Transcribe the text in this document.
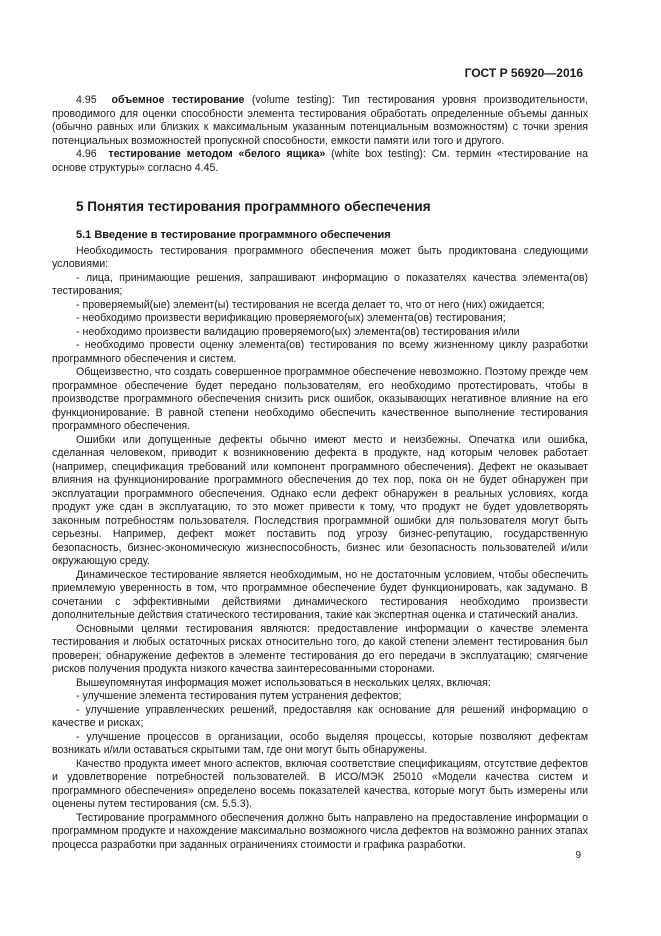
ГОСТ Р 56920—2016

4.95 объемное тестирование (volume testing): Тип тестирования уровня производительности, проводимого для оценки способности элемента тестирования обработать определенные объемы данных (обычно равных или близких к максимальным указанным потенциальным возможностям) с точки зрения потенциальных возможностей пропускной способности, емкости памяти или того и другого.

4.96 тестирование методом «белого ящика» (white box testing): См. термин «тестирование на основе структуры» согласно 4.45.

5 Понятия тестирования программного обеспечения
5.1 Введение в тестирование программного обеспечения

Необходимость тестирования программного обеспечения может быть продиктована следующими условиями:

- лица, принимающие решения, запрашивают информацию о показателях качества элемента(ов) тестирования;

- проверяемый(ые) элемент(ы) тестирования не всегда делает то, что от него (них) ожидается;

- необходимо произвести верификацию проверяемого(ых) элемента(ов) тестирования;

- необходимо произвести валидацию проверяемого(ых) элемента(ов) тестирования и/или

- необходимо провести оценку элемента(ов) тестирования по всему жизненному циклу разработки программного обеспечения и систем.

Общеизвестно, что создать совершенное программное обеспечение невозможно. Поэтому прежде чем программное обеспечение будет передано пользователям, его необходимо протестировать, чтобы в производстве программного обеспечения снизить риск ошибок, оказывающих негативное влияние на его функционирование. В равной степени необходимо обеспечить качественное выполнение тестирования программного обеспечения.

Ошибки или допущенные дефекты обычно имеют место и неизбежны. Опечатка или ошибка, сделанная человеком, приводит к возникновению дефекта в продукте, над которым человек работает (например, спецификация требований или компонент программного обеспечения). Дефект не оказывает влияния на функционирование программного обеспечения до тех пор, пока он не будет обнаружен при эксплуатации программного обеспечения. Однако если дефект обнаружен в реальных условиях, когда продукт уже сдан в эксплуатацию, то это может привести к тому, что продукт не будет удовлетворять законным потребностям пользователя. Последствия программной ошибки для пользователя могут быть серьезны. Например, дефект может поставить под угрозу бизнес-репутацию, государственную безопасность, бизнес-экономическую жизнеспособность, бизнес или безопасность пользователей и/или окружающую среду.

Динамическое тестирование является необходимым, но не достаточным условием, чтобы обеспечить приемлемую уверенность в том, что программное обеспечение будет функционировать, как задумано. В сочетании с эффективными действиями динамического тестирования необходимо произвести дополнительные действия статического тестирования, такие как экспертная оценка и статический анализ.

Основными целями тестирования являются: предоставление информации о качестве элемента тестирования и любых остаточных рисках относительно того, до какой степени элемент тестирования был проверен; обнаружение дефектов в элементе тестирования до его передачи в эксплуатацию; смягчение рисков получения продукта низкого качества заинтересованными сторонами.

Вышеупомянутая информация может использоваться в нескольких целях, включая:

- улучшение элемента тестирования путем устранения дефектов;

- улучшение управленческих решений, предоставляя как основание для решений информацию о качестве и рисках;

- улучшение процессов в организации, особо выделяя процессы, которые позволяют дефектам возникать и/или оставаться скрытыми там, где они могут быть обнаружены.

Качество продукта имеет много аспектов, включая соответствие спецификациям, отсутствие дефектов и удовлетворение потребностей пользователей. В ИСО/МЭК 25010 «Модели качества систем и программного обеспечения» определено восемь показателей качества, которые могут быть измерены или оценены путем тестирования (см. 5.5.3).

Тестирование программного обеспечения должно быть направлено на предоставление информации о программном продукте и нахождение максимально возможного числа дефектов на возможно ранних этапах процесса разработки при заданных ограничениях стоимости и графика разработки.

9
